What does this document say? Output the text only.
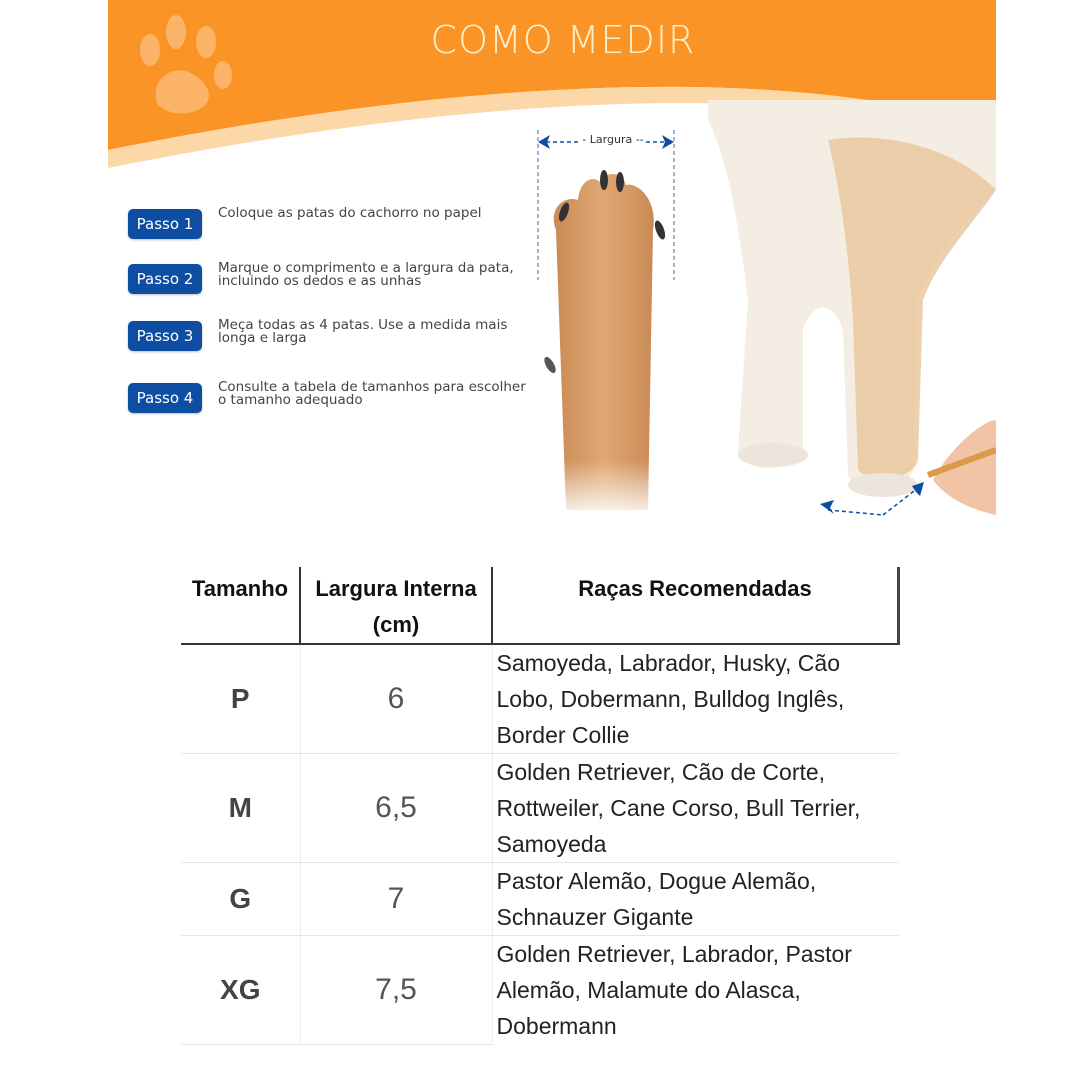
COMO MEDIR
Passo 1
Coloque as patas do cachorro no papel
Passo 2
Marque o comprimento e a largura da pata, incluindo os dedos e as unhas
Passo 3
Meça todas as 4 patas. Use a medida mais longa e larga
Passo 4
Consulte a tabela de tamanhos para escolher o tamanho adequado
Tamanho	Largura Interna (cm)	Raças Recomendadas
P	6	Samoyeda, Labrador, Husky, Cão Lobo, Dobermann, Bulldog Inglês, Border Collie
M	6,5	Golden Retriever, Cão de Corte, Rottweiler, Cane Corso, Bull Terrier, Samoyeda
G	7	Pastor Alemão, Dogue Alemão, Schnauzer Gigante
XG	7,5	Golden Retriever, Labrador, Pastor Alemão, Malamute do Alasca, Dobermann
